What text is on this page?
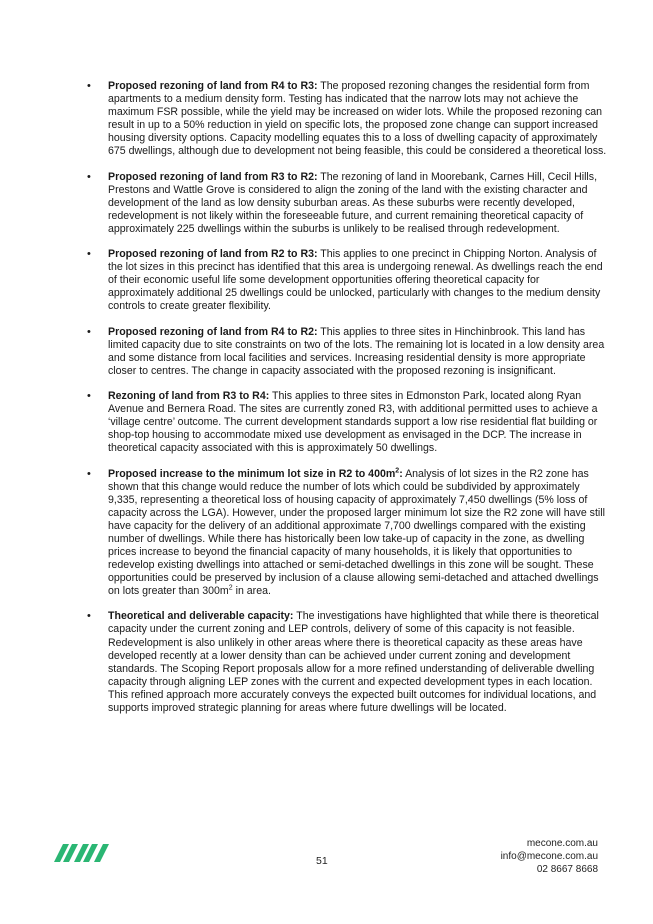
• Proposed rezoning of land from R4 to R3: The proposed rezoning changes the residential form from apartments to a medium density form. Testing has indicated that the narrow lots may not achieve the maximum FSR possible, while the yield may be increased on wider lots. While the proposed rezoning can result in up to a 50% reduction in yield on specific lots, the proposed zone change can support increased housing diversity options. Capacity modelling equates this to a loss of dwelling capacity of approximately 675 dwellings, although due to development not being feasible, this could be considered a theoretical loss.
• Proposed rezoning of land from R3 to R2: The rezoning of land in Moorebank, Carnes Hill, Cecil Hills, Prestons and Wattle Grove is considered to align the zoning of the land with the existing character and development of the land as low density suburban areas. As these suburbs were recently developed, redevelopment is not likely within the foreseeable future, and current remaining theoretical capacity of approximately 225 dwellings within the suburbs is unlikely to be realised through redevelopment.
• Proposed rezoning of land from R2 to R3: This applies to one precinct in Chipping Norton. Analysis of the lot sizes in this precinct has identified that this area is undergoing renewal. As dwellings reach the end of their economic useful life some development opportunities offering theoretical capacity for approximately additional 25 dwellings could be unlocked, particularly with changes to the medium density controls to create greater flexibility.
• Proposed rezoning of land from R4 to R2: This applies to three sites in Hinchinbrook. This land has limited capacity due to site constraints on two of the lots. The remaining lot is located in a low density area and some distance from local facilities and services. Increasing residential density is more appropriate closer to centres. The change in capacity associated with the proposed rezoning is insignificant.
• Rezoning of land from R3 to R4: This applies to three sites in Edmonston Park, located along Ryan Avenue and Bernera Road. The sites are currently zoned R3, with additional permitted uses to achieve a ‘village centre’ outcome. The current development standards support a low rise residential flat building or shop-top housing to accommodate mixed use development as envisaged in the DCP. The increase in theoretical capacity associated with this is approximately 50 dwellings.
• Proposed increase to the minimum lot size in R2 to $400m^2$: Analysis of lot sizes in the R2 zone has shown that this change would reduce the number of lots which could be subdivided by approximately 9,335, representing a theoretical loss of housing capacity of approximately 7,450 dwellings (5% loss of capacity across the LGA). However, under the proposed larger minimum lot size the R2 zone will have still have capacity for the delivery of an additional approximate 7,700 dwellings compared with the existing number of dwellings. While there has historically been low take-up of capacity in the zone, as dwelling prices increase to beyond the financial capacity of many households, it is likely that opportunities to redevelop existing dwellings into attached or semi-detached dwellings in this zone will be sought. These opportunities could be preserved by inclusion of a clause allowing semi-detached and attached dwellings on lots greater than $300m^2$ in area.
• Theoretical and deliverable capacity: The investigations have highlighted that while there is theoretical capacity under the current zoning and LEP controls, delivery of some of this capacity is not feasible. Redevelopment is also unlikely in other areas where there is theoretical capacity as these areas have developed recently at a lower density than can be achieved under current zoning and development standards. The Scoping Report proposals allow for a more refined understanding of deliverable dwelling capacity through aligning LEP zones with the current and expected development types in each location. This refined approach more accurately conveys the expected built outcomes for individual locations, and supports improved strategic planning for areas where future dwellings will be located.
51
mecone.com.au
info@mecone.com.au
02 8667 8668
